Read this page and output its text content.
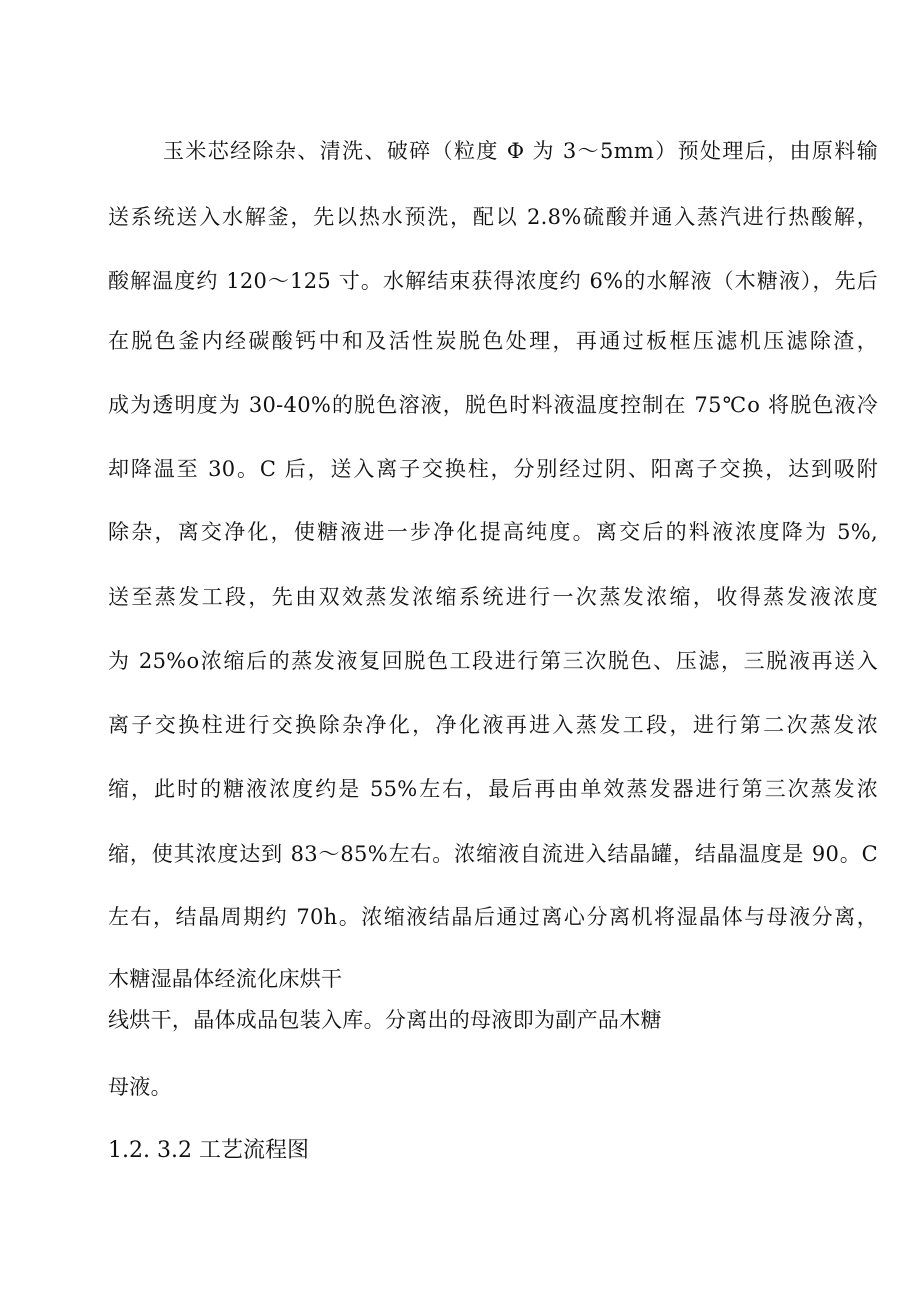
玉米芯经除杂、清洗、破碎（粒度 Φ 为 3～5mm）预处理后，由原料输
送系统送入水解釜，先以热水预洗，配以 2.8%硫酸并通入蒸汽进行热酸解，
酸解温度约 120～125 寸。水解结束获得浓度约 6%的水解液（木糖液），先后
在脱色釜内经碳酸钙中和及活性炭脱色处理，再通过板框压滤机压滤除渣，
成为透明度为 30-40%的脱色溶液，脱色时料液温度控制在 75℃o 将脱色液冷
却降温至 30。C 后，送入离子交换柱，分别经过阴、阳离子交换，达到吸附
除杂，离交净化，使糖液进一步净化提高纯度。离交后的料液浓度降为 5%,
送至蒸发工段，先由双效蒸发浓缩系统进行一次蒸发浓缩，收得蒸发液浓度
为 25%o浓缩后的蒸发液复回脱色工段进行第三次脱色、压滤，三脱液再送入
离子交换柱进行交换除杂净化，净化液再进入蒸发工段，进行第二次蒸发浓
缩，此时的糖液浓度约是 55%左右，最后再由单效蒸发器进行第三次蒸发浓
缩，使其浓度达到 83～85%左右。浓缩液自流进入结晶罐，结晶温度是 90。C
左右，结晶周期约 70h。浓缩液结晶后通过离心分离机将湿晶体与母液分离，
木糖湿晶体经流化床烘干
线烘干，晶体成品包装入库。分离出的母液即为副产品木糖
母液。
1.2. 3.2 工艺流程图
